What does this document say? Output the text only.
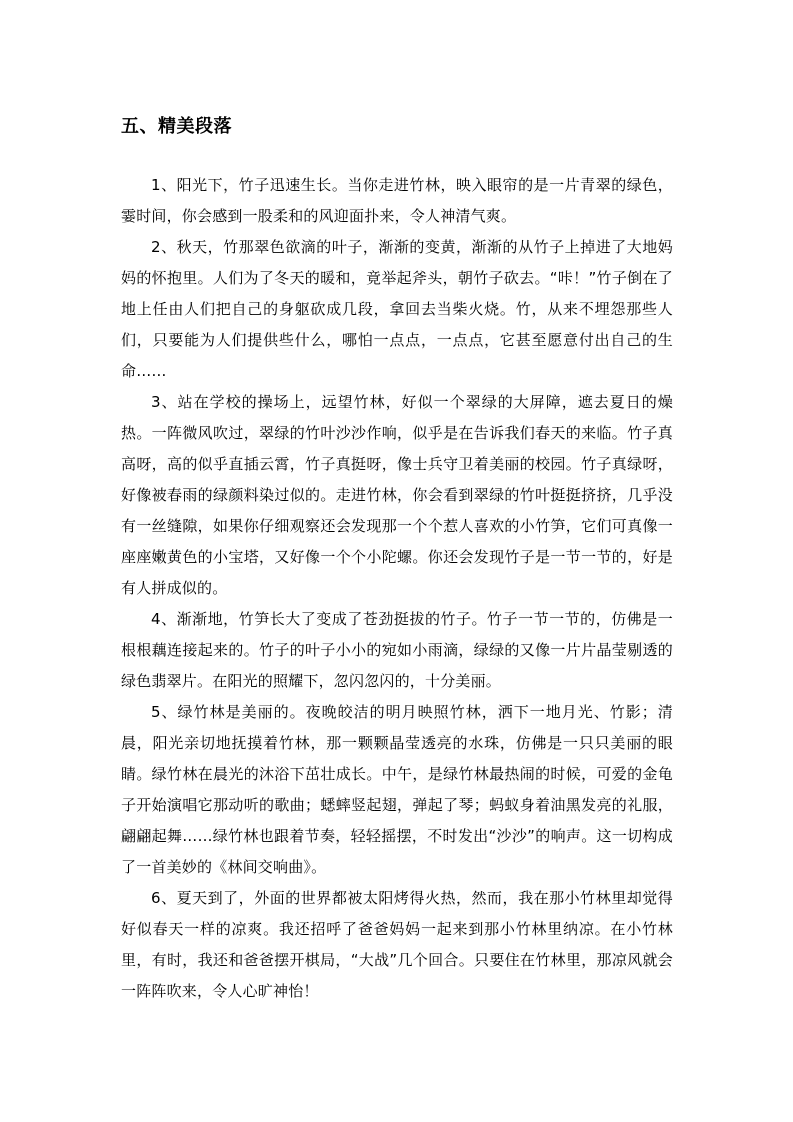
五、精美段落

1、阳光下，竹子迅速生长。当你走进竹林，映入眼帘的是一片青翠的绿色，霎时间，你会感到一股柔和的风迎面扑来，令人神清气爽。

2、秋天，竹那翠色欲滴的叶子，渐渐的变黄，渐渐的从竹子上掉进了大地妈妈的怀抱里。人们为了冬天的暖和，竟举起斧头，朝竹子砍去。“咔！”竹子倒在了地上任由人们把自己的身躯砍成几段，拿回去当柴火烧。竹，从来不埋怨那些人们，只要能为人们提供些什么，哪怕一点点，一点点，它甚至愿意付出自己的生命……

3、站在学校的操场上，远望竹林，好似一个翠绿的大屏障，遮去夏日的燥热。一阵微风吹过，翠绿的竹叶沙沙作响，似乎是在告诉我们春天的来临。竹子真高呀，高的似乎直插云霄，竹子真挺呀，像士兵守卫着美丽的校园。竹子真绿呀，好像被春雨的绿颜料染过似的。走进竹林，你会看到翠绿的竹叶挺挺挤挤，几乎没有一丝缝隙，如果你仔细观察还会发现那一个个惹人喜欢的小竹笋，它们可真像一座座嫩黄色的小宝塔，又好像一个个小陀螺。你还会发现竹子是一节一节的，好是有人拼成似的。

4、渐渐地，竹笋长大了变成了苍劲挺拔的竹子。竹子一节一节的，仿佛是一根根藕连接起来的。竹子的叶子小小的宛如小雨滴，绿绿的又像一片片晶莹剔透的绿色翡翠片。在阳光的照耀下，忽闪忽闪的，十分美丽。

5、绿竹林是美丽的。夜晚皎洁的明月映照竹林，洒下一地月光、竹影；清晨，阳光亲切地抚摸着竹林，那一颗颗晶莹透亮的水珠，仿佛是一只只美丽的眼睛。绿竹林在晨光的沐浴下茁壮成长。中午，是绿竹林最热闹的时候，可爱的金龟子开始演唱它那动听的歌曲；蟋蟀竖起翅，弹起了琴；蚂蚁身着油黑发亮的礼服，翩翩起舞……绿竹林也跟着节奏，轻轻摇摆，不时发出“沙沙”的响声。这一切构成了一首美妙的《林间交响曲》。

6、夏天到了，外面的世界都被太阳烤得火热，然而，我在那小竹林里却觉得好似春天一样的凉爽。我还招呼了爸爸妈妈一起来到那小竹林里纳凉。在小竹林里，有时，我还和爸爸摆开棋局，“大战”几个回合。只要住在竹林里，那凉风就会一阵阵吹来，令人心旷神怡！
